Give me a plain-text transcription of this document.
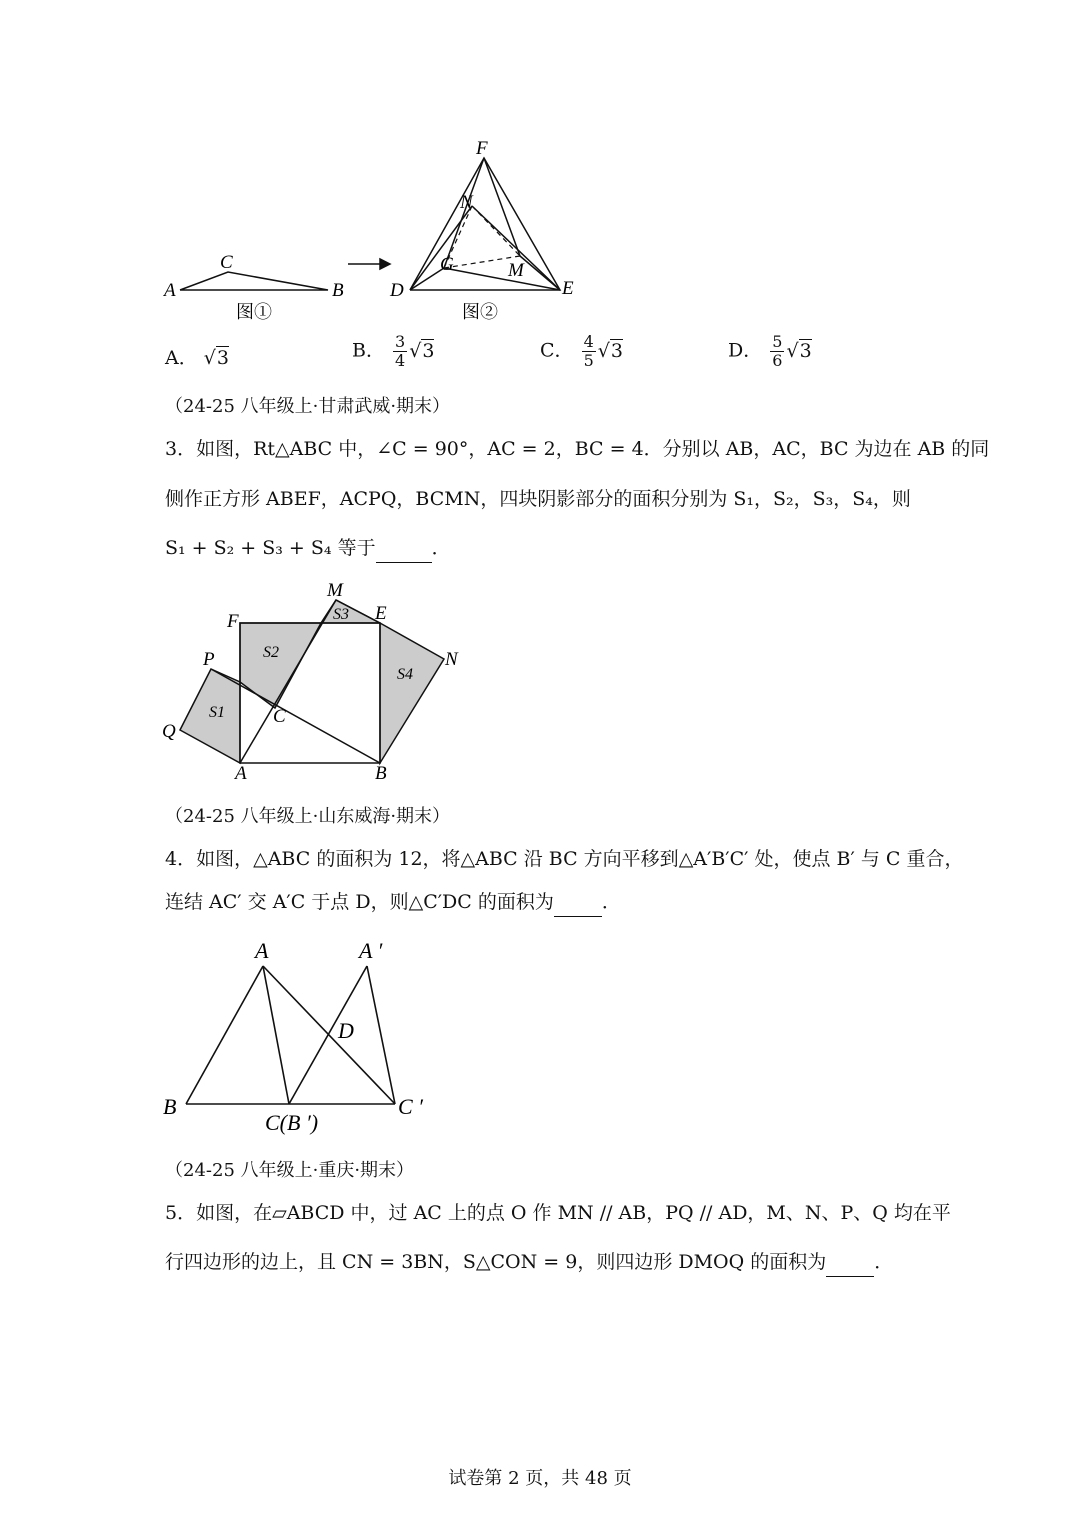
A
C
B
图①
F
N
G	M
D	E
图②
A． √3	B． $\frac{3}{4} √3$	C． $\frac{4}{5} √3$	D． $\frac{5}{6} √3$
（24-25 八年级上·甘肃武威·期末）
3．如图，Rt△ABC 中，∠C = 90°，AC = 2，BC = 4．分别以 AB，AC，BC 为边在 AB 的同
侧作正方形 ABEF，ACPQ，BCMN，四块阴影部分的面积分别为 S₁，S₂，S₃，S₄，则
S₁ + S₂ + S₃ + S₄ 等于	．
M
S3 E
F
S2	N
P
S4
S1	C
Q
A	B
（24-25 八年级上·山东威海·期末）
4．如图，△ABC 的面积为 12，将△ABC 沿 BC 方向平移到△A′B′C′ 处，使点 B′ 与 C 重合，
连结 AC′ 交 A′C 于点 D，则△C′DC 的面积为	．
A	A ′
D
B
C(B ′)
C ′
（24-25 八年级上·重庆·期末）
5．如图，在▱ABCD 中，过 AC 上的点 O 作 MN // AB，PQ // AD，M、N、P、Q 均在平
行四边形的边上，且 CN = 3BN，S△CON = 9，则四边形 DMOQ 的面积为	．
试卷第 2 页，共 48 页
